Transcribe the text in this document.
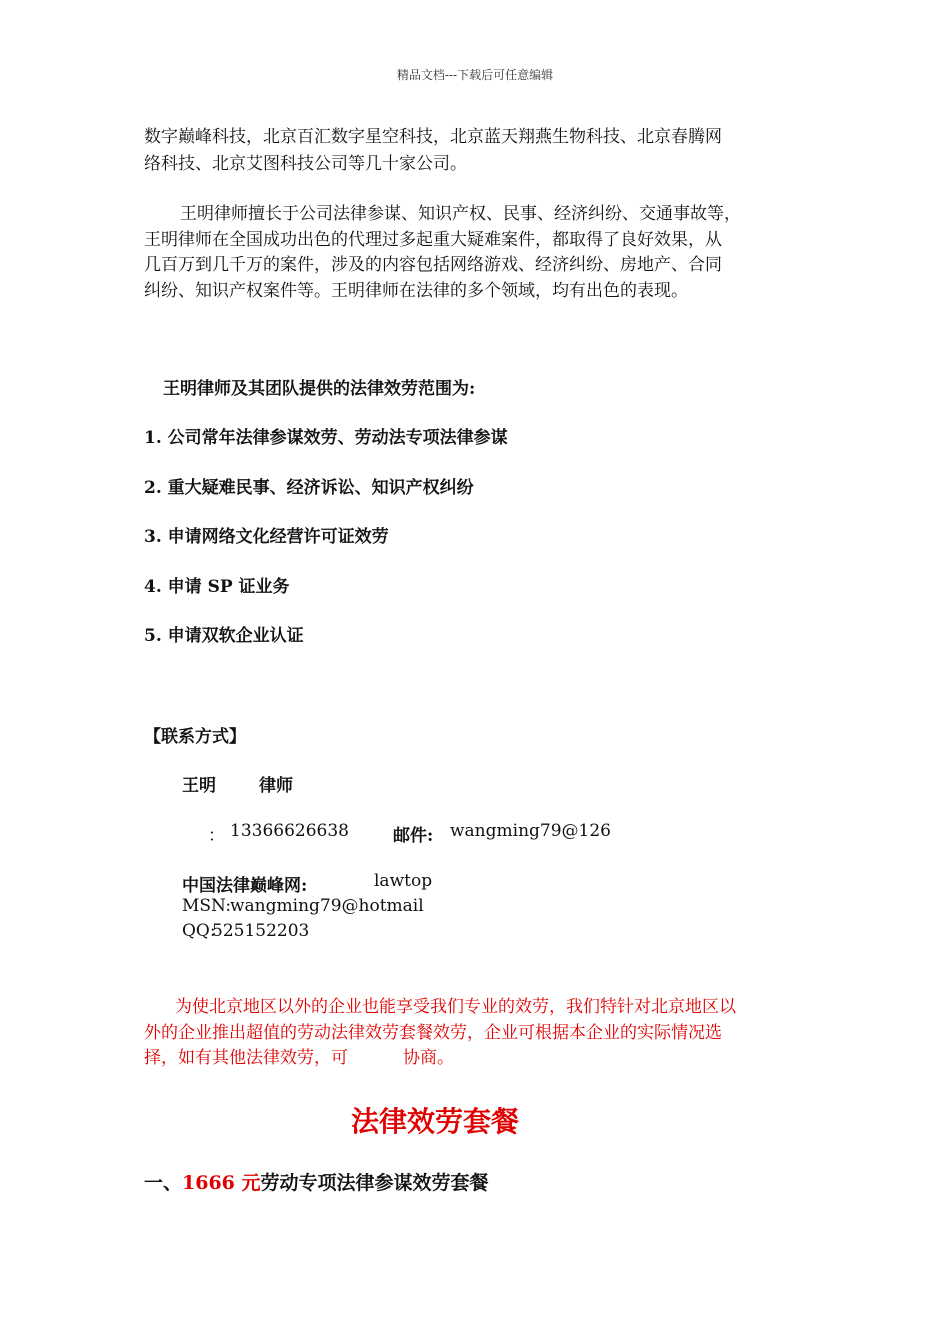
精品文档---下载后可任意编辑
数字巅峰科技，北京百汇数字星空科技，北京蓝天翔燕生物科技、北京春腾网
络科技、北京艾图科技公司等几十家公司。
王明律师擅长于公司法律参谋、知识产权、民事、经济纠纷、交通事故等，
王明律师在全国成功出色的代理过多起重大疑难案件，都取得了良好效果，从
几百万到几千万的案件，涉及的内容包括网络游戏、经济纠纷、房地产、合同
纠纷、知识产权案件等。王明律师在法律的多个领域，均有出色的表现。
王明律师及其团队提供的法律效劳范围为:
1. 公司常年法律参谋效劳、劳动法专项法律参谋
2. 重大疑难民事、经济诉讼、知识产权纠纷
3. 申请网络文化经营许可证效劳
4. 申请 SP 证业务
5. 申请双软企业认证
【联系方式】
王明	律师
： 13366626638	邮件: wangming79@126
中国法律巅峰网:	lawtop
MSN:
wangming79@hotmail
QQ:
525152203
为使北京地区以外的企业也能享受我们专业的效劳，我们特针对北京地区以
外的企业推出超值的劳动法律效劳套餐效劳，企业可根据本企业的实际情况选
择，如有其他法律效劳，可	协商。
法律效劳套餐
一、1666 元劳动专项法律参谋效劳套餐
